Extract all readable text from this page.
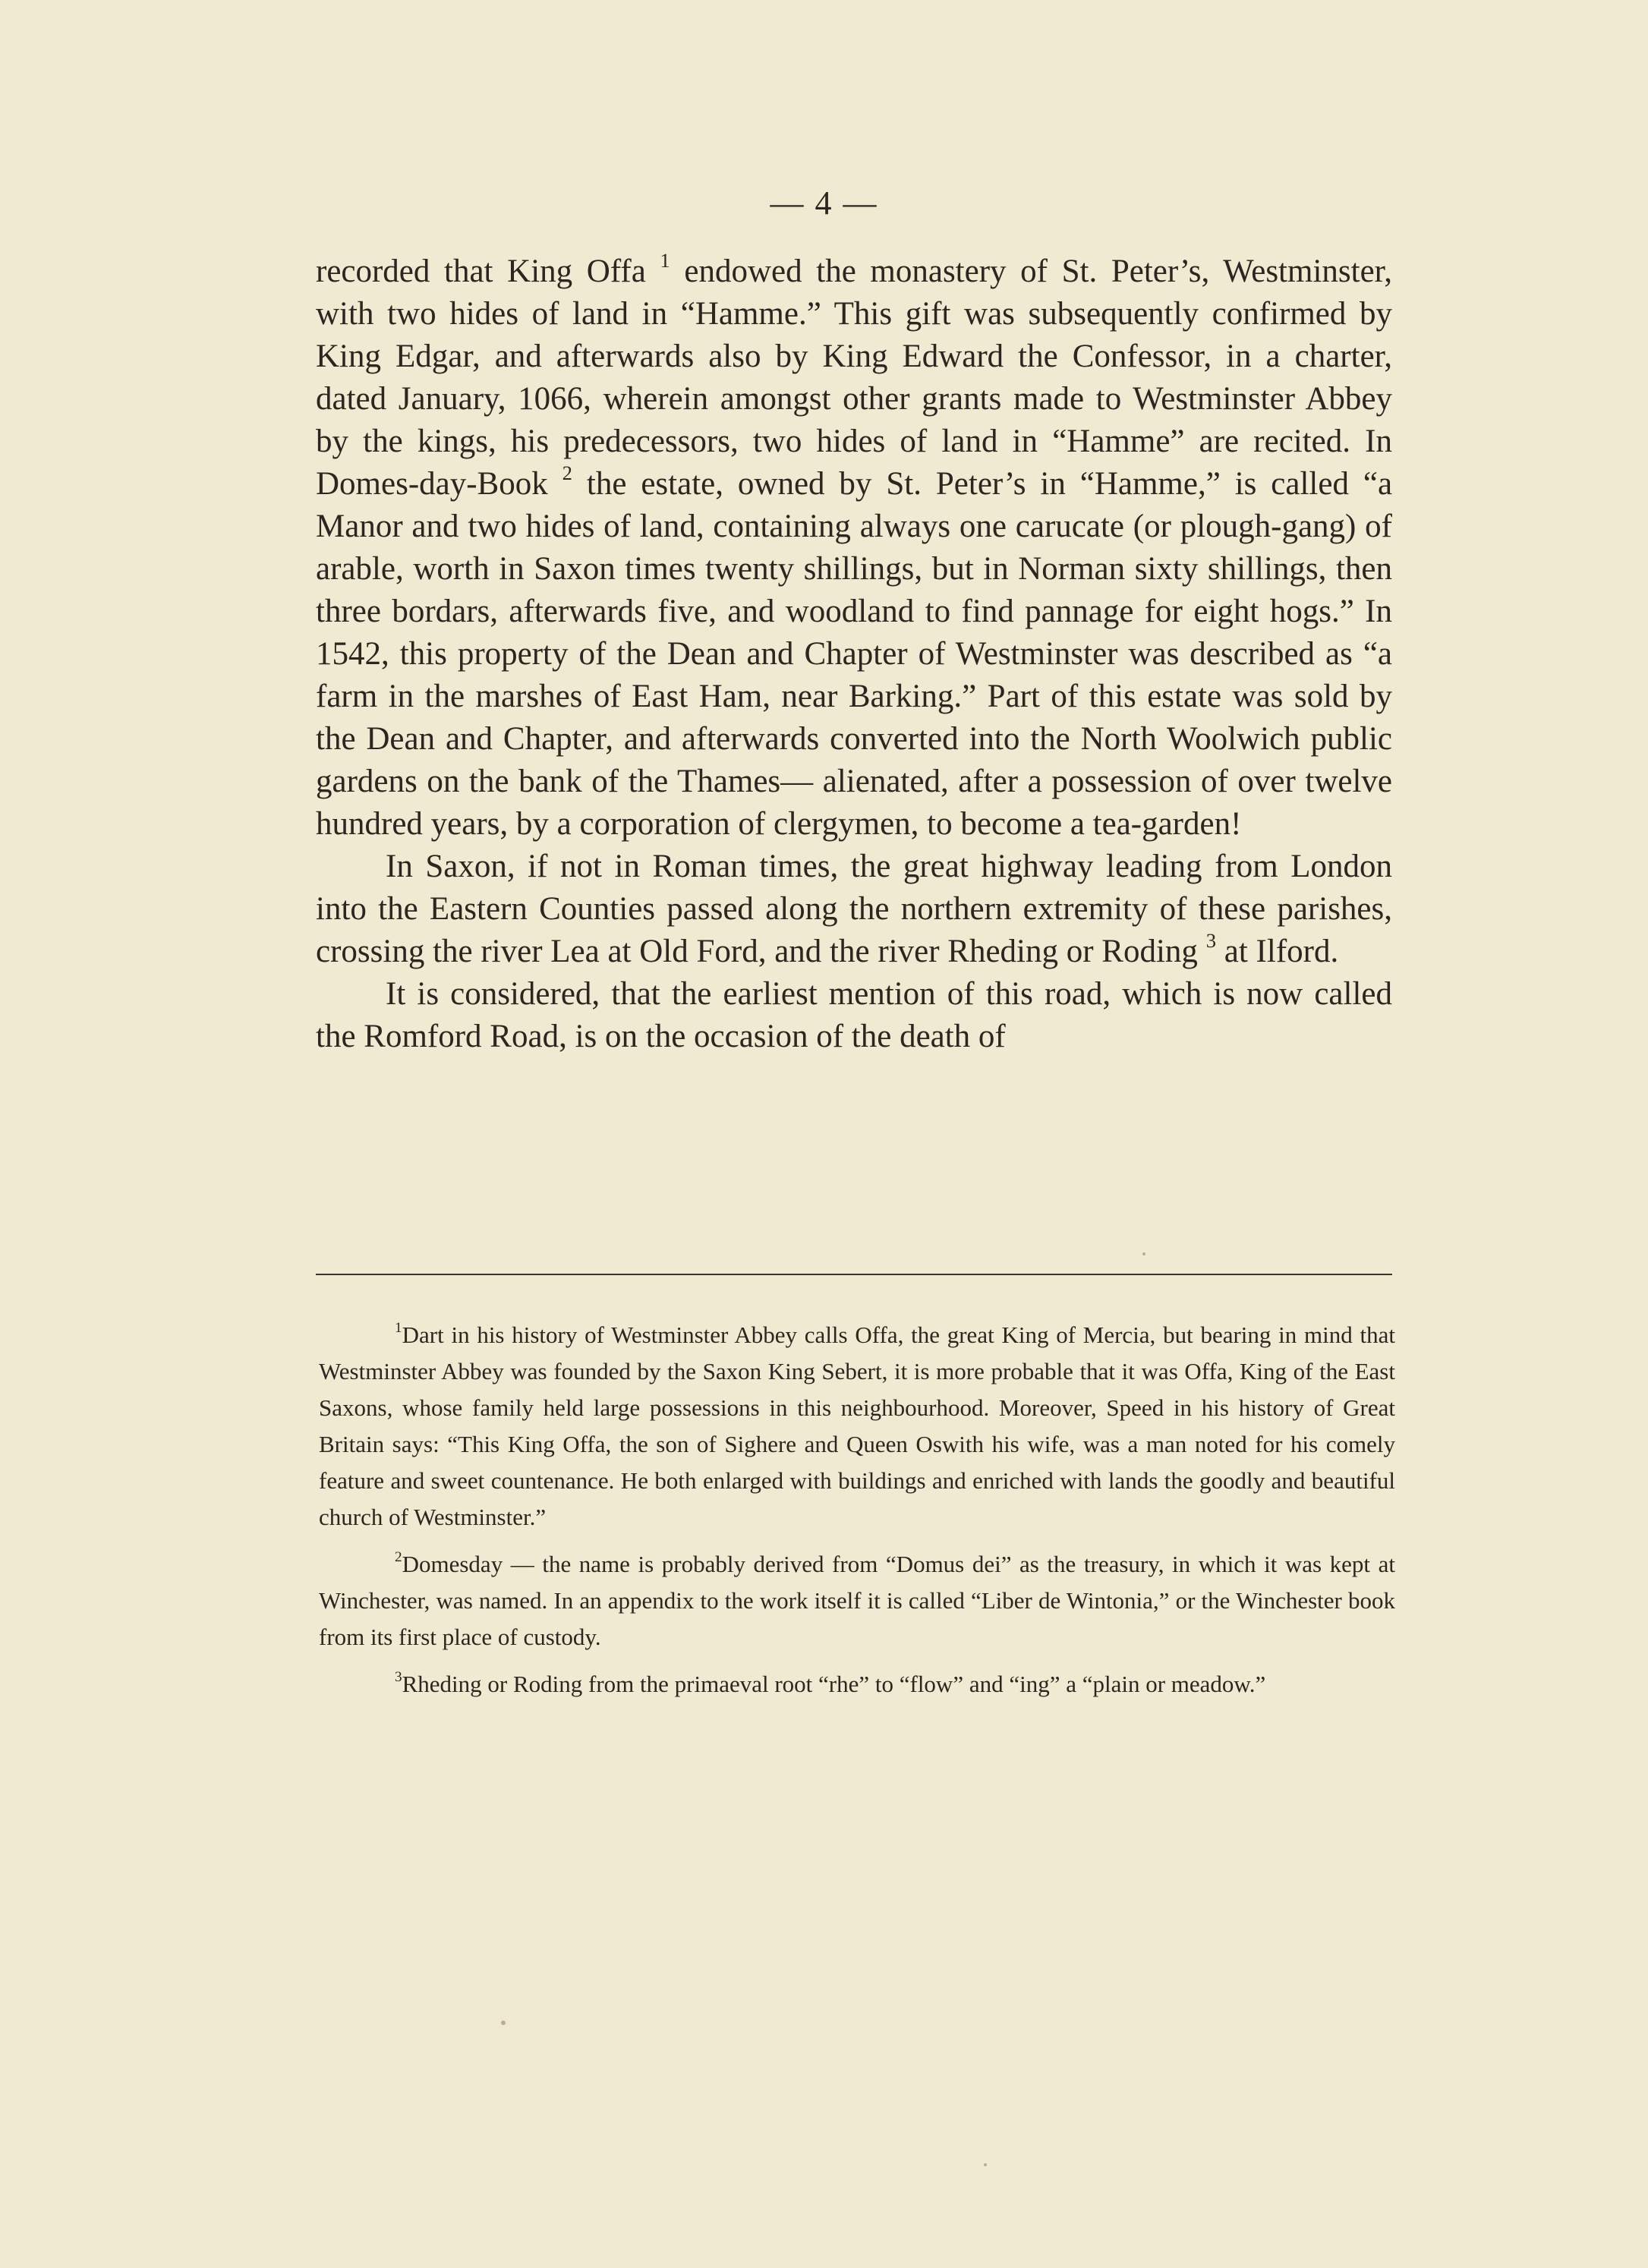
— 4 —

recorded that King Offa $^1$ endowed the monastery of St. Peter’s, Westminster, with two hides of land in “Hamme.” This gift was subsequently confirmed by King Edgar, and afterwards also by King Edward the Confessor, in a charter, dated January, 1066, wherein amongst other grants made to Westminster Abbey by the kings, his predecessors, two hides of land in “Hamme” are recited. In Domes-day-Book $^2$ the estate, owned by St. Peter’s in “Hamme,” is called “a Manor and two hides of land, containing always one carucate (or plough-gang) of arable, worth in Saxon times twenty shillings, but in Norman sixty shillings, then three bordars, afterwards five, and woodland to find pannage for eight hogs.” In 1542, this property of the Dean and Chapter of Westminster was described as “a farm in the marshes of East Ham, near Barking.” Part of this estate was sold by the Dean and Chapter, and afterwards converted into the North Woolwich public gardens on the bank of the Thames— alienated, after a possession of over twelve hundred years, by a corporation of clergymen, to become a tea-garden!

In Saxon, if not in Roman times, the great highway leading from London into the Eastern Counties passed along the northern extremity of these parishes, crossing the river Lea at Old Ford, and the river Rheding or Roding $^3$ at Ilford.

It is considered, that the earliest mention of this road, which is now called the Romford Road, is on the occasion of the death of

$^1$Dart in his history of Westminster Abbey calls Offa, the great King of Mercia, but bearing in mind that Westminster Abbey was founded by the Saxon King Sebert, it is more probable that it was Offa, King of the East Saxons, whose family held large possessions in this neighbourhood. Moreover, Speed in his history of Great Britain says: “This King Offa, the son of Sighere and Queen Oswith his wife, was a man noted for his comely feature and sweet countenance. He both enlarged with buildings and enriched with lands the goodly and beautiful church of Westminster.”

$^2$Domesday — the name is probably derived from “Domus dei” as the treasury, in which it was kept at Winchester, was named. In an appendix to the work itself it is called “Liber de Wintonia,” or the Winchester book from its first place of custody.

$^3$Rheding or Roding from the primaeval root “rhe” to “flow” and “ing” a “plain or meadow.”
